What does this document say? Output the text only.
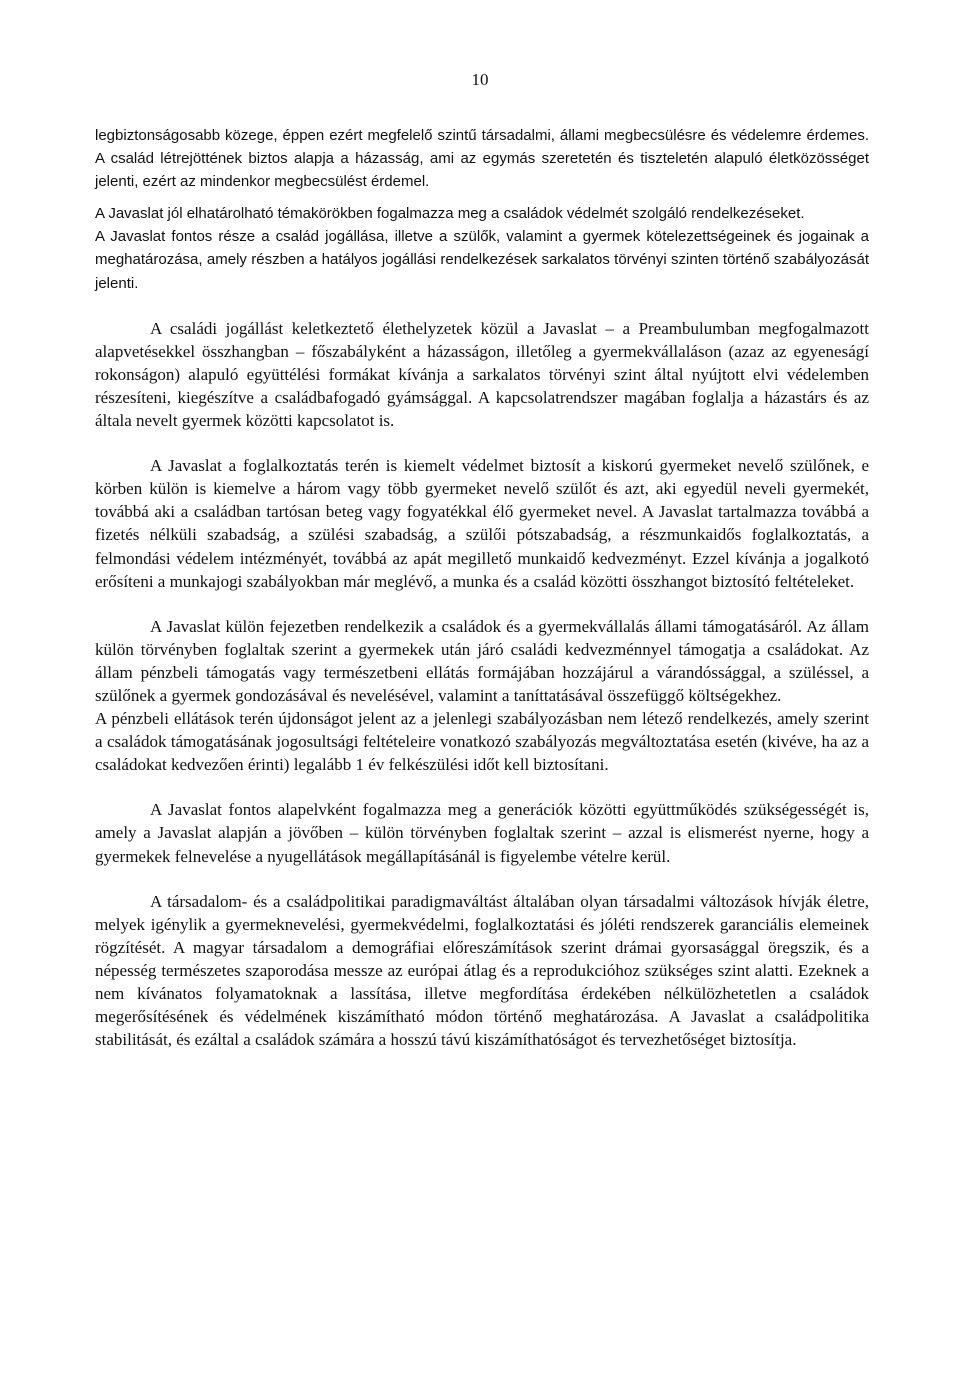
10

legbiztonságosabb közege, éppen ezért megfelelő szintű társadalmi, állami megbecsülésre és védelemre érdemes. A család létrejöttének biztos alapja a házasság, ami az egymás szeretetén és tiszteletén alapuló életközösséget jelenti, ezért az mindenkor megbecsülést érdemel.

A Javaslat jól elhatárolható témakörökben fogalmazza meg a családok védelmét szolgáló rendelkezéseket.

A Javaslat fontos része a család jogállása, illetve a szülők, valamint a gyermek kötelezettségeinek és jogainak a meghatározása, amely részben a hatályos jogállási rendelkezések sarkalatos törvényi szinten történő szabályozását jelenti.

A családi jogállást keletkeztető élethelyzetek közül a Javaslat – a Preambulumban megfogalmazott alapvetésekkel összhangban – főszabályként a házasságon, illetőleg a gyermekvállaláson (azaz az egyeneságí rokonságon) alapuló együttélési formákat kívánja a sarkalatos törvényi szint által nyújtott elvi védelemben részesíteni, kiegészítve a családbafogadó gyámsággal. A kapcsolatrendszer magában foglalja a házastárs és az általa nevelt gyermek közötti kapcsolatot is.

A Javaslat a foglalkoztatás terén is kiemelt védelmet biztosít a kiskorú gyermeket nevelő szülőnek, e körben külön is kiemelve a három vagy több gyermeket nevelő szülőt és azt, aki egyedül neveli gyermekét, továbbá aki a családban tartósan beteg vagy fogyatékkal élő gyermeket nevel. A Javaslat tartalmazza továbbá a fizetés nélküli szabadság, a szülési szabadság, a szülői pótszabadság, a részmunkaidős foglalkoztatás, a felmondási védelem intézményét, továbbá az apát megillető munkaidő kedvezményt. Ezzel kívánja a jogalkotó erősíteni a munkajogi szabályokban már meglévő, a munka és a család közötti összhangot biztosító feltételeket.

A Javaslat külön fejezetben rendelkezik a családok és a gyermekvállalás állami támogatásáról. Az állam külön törvényben foglaltak szerint a gyermekek után járó családi kedvezménnyel támogatja a családokat. Az állam pénzbeli támogatás vagy természetbeni ellátás formájában hozzájárul a várandóssággal, a szüléssel, a szülőnek a gyermek gondozásával és nevelésével, valamint a taníttatásával összefüggő költségekhez.

A pénzbeli ellátások terén újdonságot jelent az a jelenlegi szabályozásban nem létező rendelkezés, amely szerint a családok támogatásának jogosultsági feltételeire vonatkozó szabályozás megváltoztatása esetén (kivéve, ha az a családokat kedvezően érinti) legalább 1 év felkészülési időt kell biztosítani.

A Javaslat fontos alapelvként fogalmazza meg a generációk közötti együttműködés szükségességét is, amely a Javaslat alapján a jövőben – külön törvényben foglaltak szerint – azzal is elismerést nyerne, hogy a gyermekek felnevelése a nyugellátások megállapításánál is figyelembe vételre kerül.

A társadalom- és a családpolitikai paradigmaváltást általában olyan társadalmi változások hívják életre, melyek igénylik a gyermeknevelési, gyermekvédelmi, foglalkoztatási és jóléti rendszerek garanciális elemeinek rögzítését. A magyar társadalom a demográfiai előreszámítások szerint drámai gyorsasággal öregszik, és a népesség természetes szaporodása messze az európai átlag és a reprodukcióhoz szükséges szint alatti. Ezeknek a nem kívánatos folyamatoknak a lassítása, illetve megfordítása érdekében nélkülözhetetlen a családok megerősítésének és védelmének kiszámítható módon történő meghatározása. A Javaslat a családpolitika stabilitását, és ezáltal a családok számára a hosszú távú kiszámíthatóságot és tervezhetőséget biztosítja.
